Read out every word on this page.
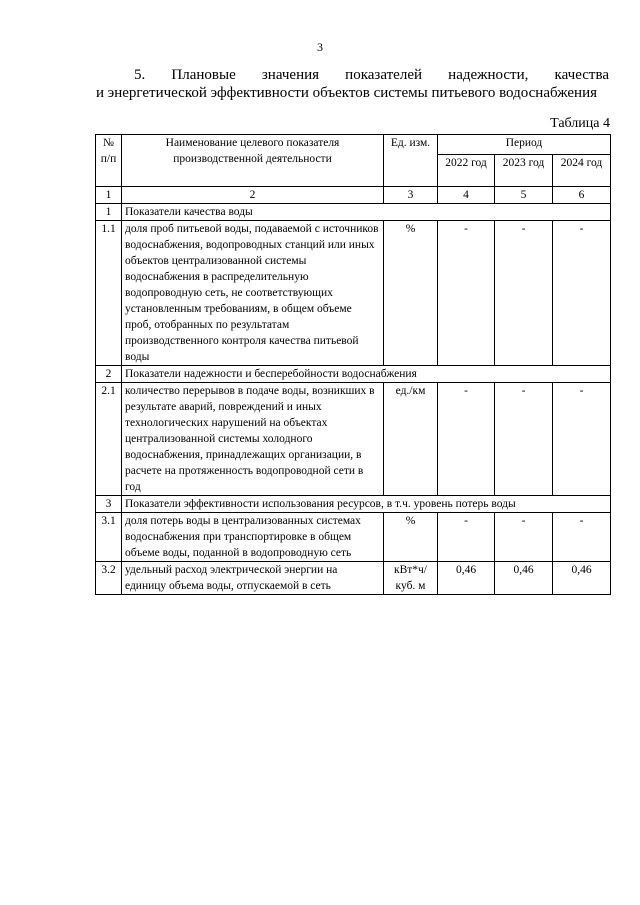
3
5. Плановые значения показателей надежности, качества
и энергетической эффективности объектов системы питьевого водоснабжения
Таблица 4
№ п/п	Наименование целевого показателя производственной деятельности	Ед. изм.	Период		
			2022 год	2023 год	2024 год
1	2	3	4	5	6
1	Показатели качества воды				
1.1	доля проб питьевой воды, подаваемой с источников водоснабжения, водопроводных станций или иных объектов централизованной системы водоснабжения в распределительную водопроводную сеть, не соответствующих установленным требованиям, в общем объеме проб, отобранных по результатам производственного контроля качества питьевой воды	%	-	-	-
2	Показатели надежности и бесперебойности водоснабжения				
2.1	количество перерывов в подаче воды, возникших в результате аварий, повреждений и иных технологических нарушений на объектах централизованной системы холодного водоснабжения, принадлежащих организации, в расчете на протяженность водопроводной сети в год	ед./км	-	-	-
3	Показатели эффективности использования ресурсов, в т.ч. уровень потерь воды				
3.1	доля потерь воды в централизованных системах водоснабжения при транспортировке в общем объеме воды, поданной в водопроводную сеть	%	-	-	-
3.2	удельный расход электрической энергии на единицу объема воды, отпускаемой в сеть	кВт*ч/ куб. м	0,46	0,46	0,46
